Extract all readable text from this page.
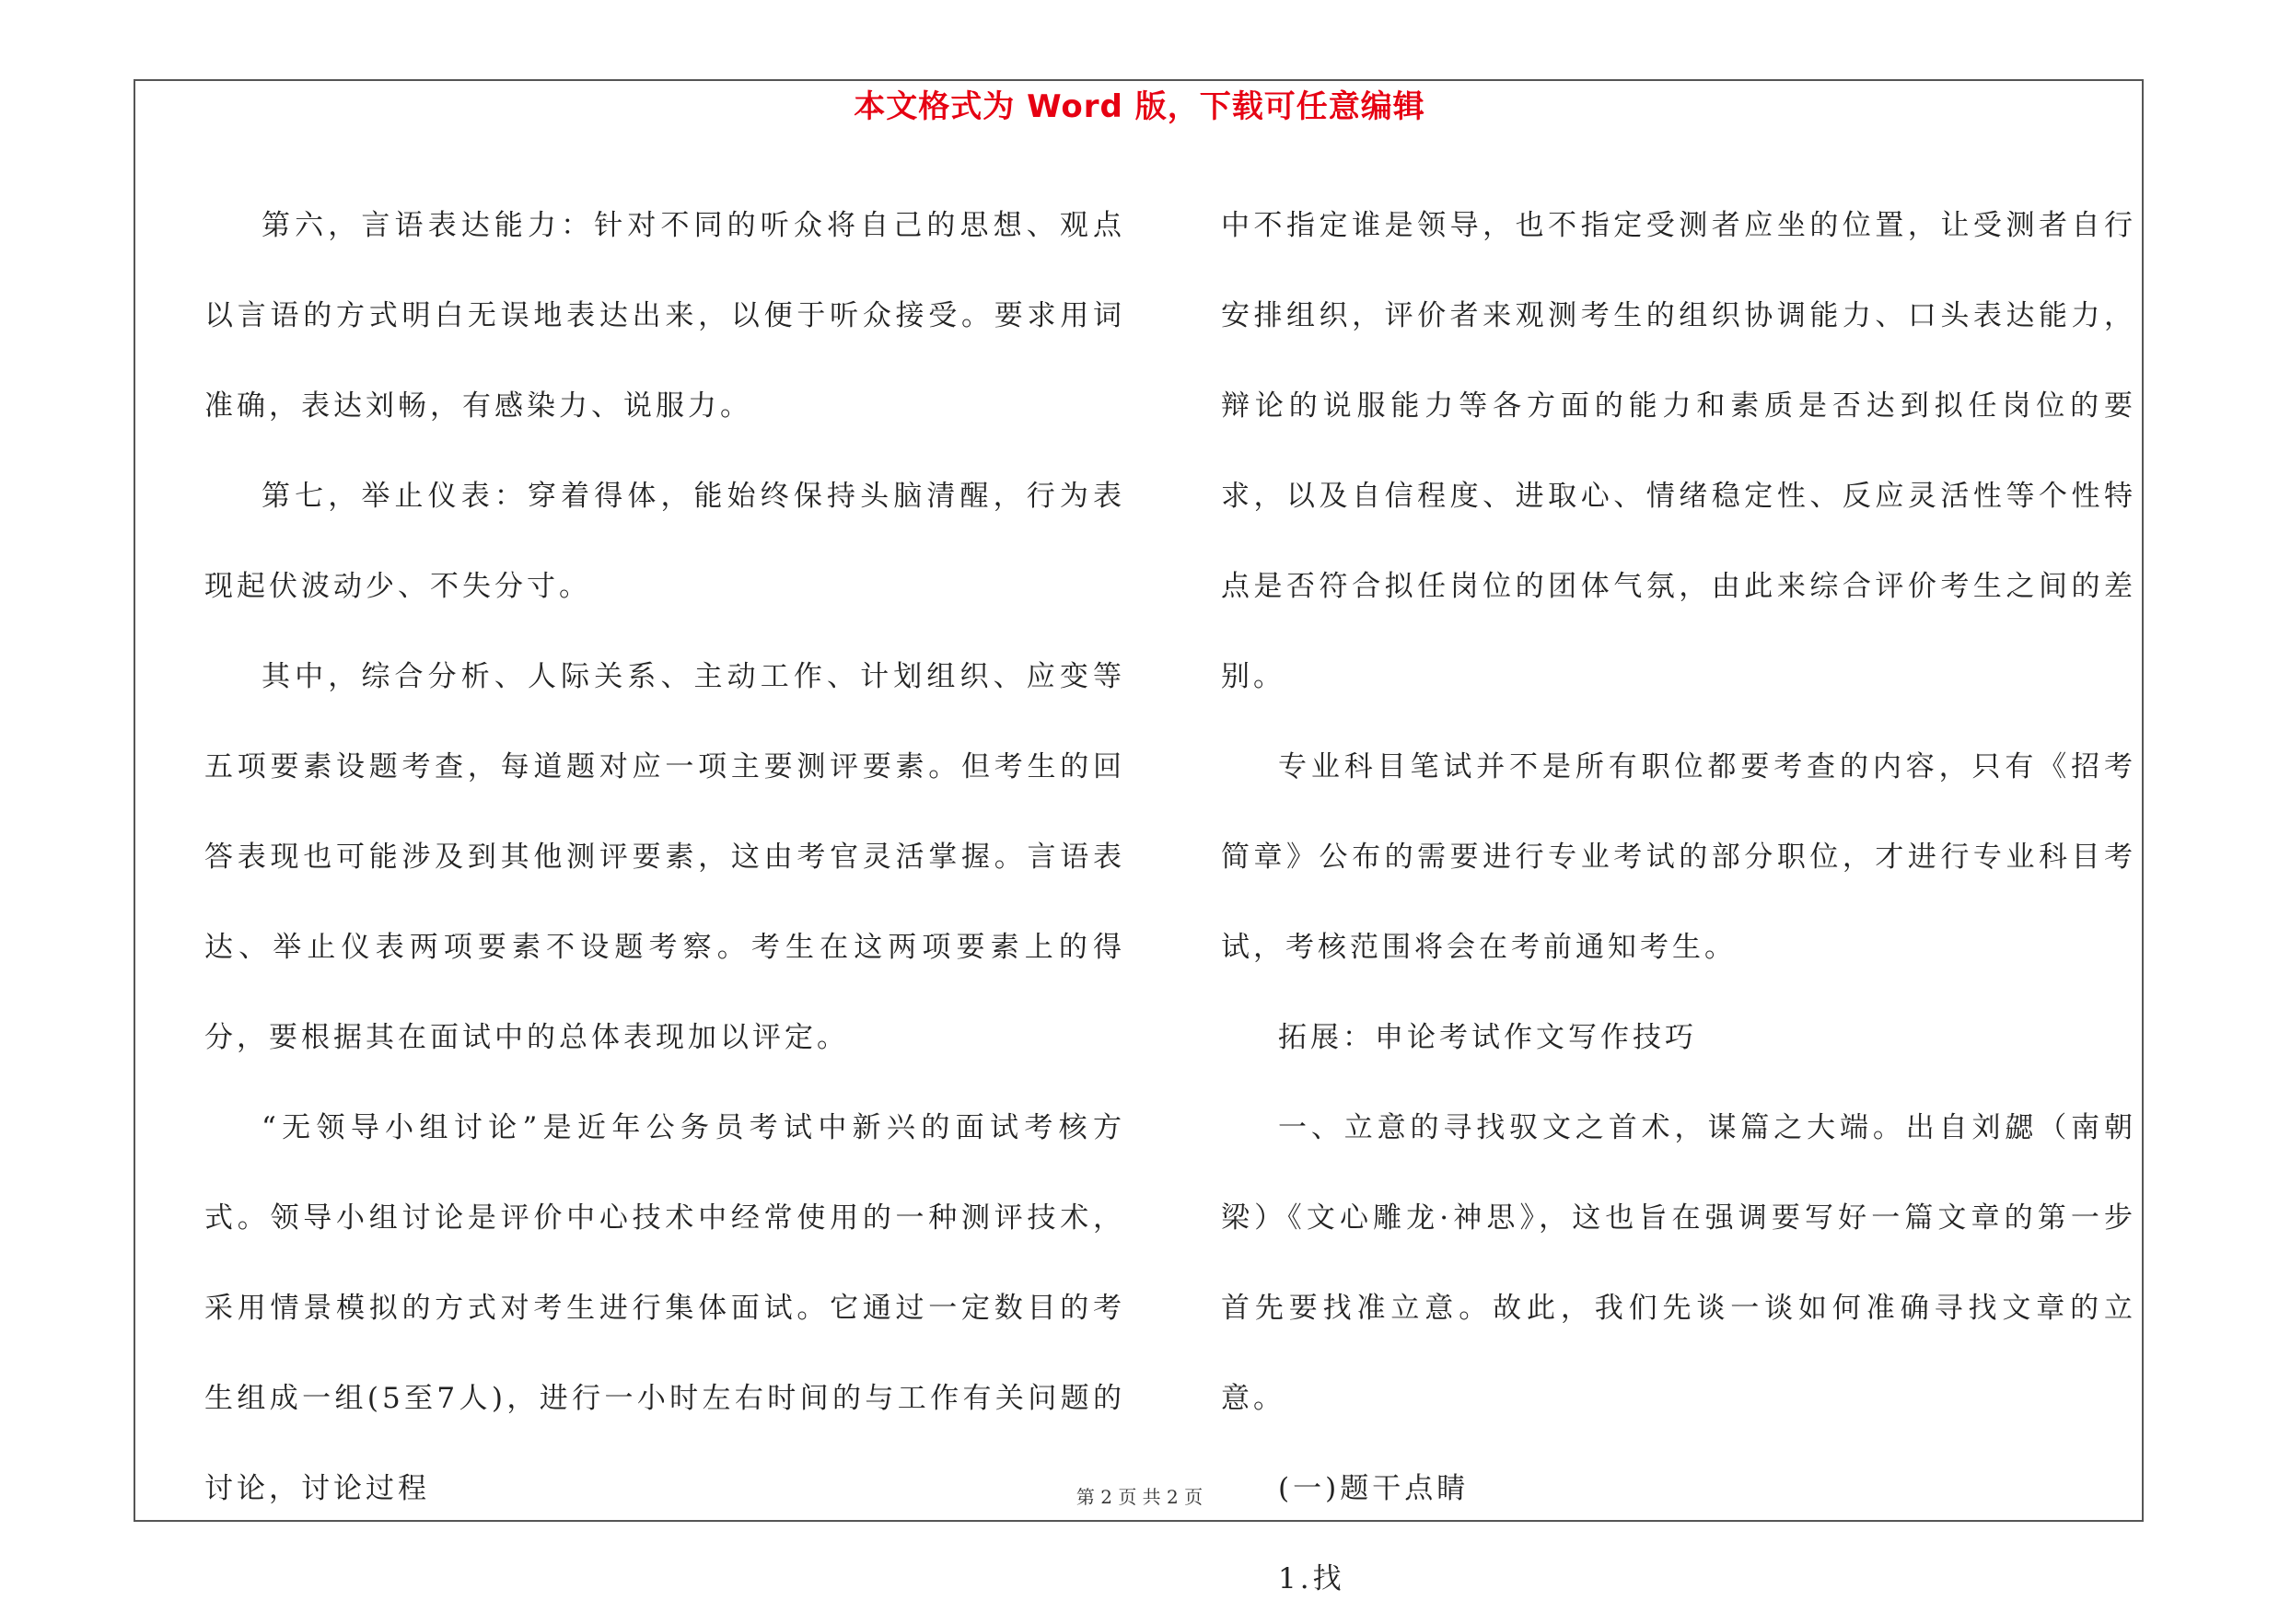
本文格式为 Word 版，下载可任意编辑

第六，言语表达能力：针对不同的听众将自己的思想、观点以言语的方式明白无误地表达出来，以便于听众接受。要求用词准确，表达刘畅，有感染力、说服力。

第七，举止仪表：穿着得体，能始终保持头脑清醒，行为表现起伏波动少、不失分寸。

其中，综合分析、人际关系、主动工作、计划组织、应变等五项要素设题考查，每道题对应一项主要测评要素。但考生的回答表现也可能涉及到其他测评要素，这由考官灵活掌握。言语表达、举止仪表两项要素不设题考察。考生在这两项要素上的得分，要根据其在面试中的总体表现加以评定。

“无领导小组讨论”是近年公务员考试中新兴的面试考核方式。领导小组讨论是评价中心技术中经常使用的一种测评技术，采用情景模拟的方式对考生进行集体面试。它通过一定数目的考生组成一组(5至7人)，进行一小时左右时间的与工作有关问题的讨论，讨论过程

中不指定谁是领导，也不指定受测者应坐的位置，让受测者自行安排组织，评价者来观测考生的组织协调能力、口头表达能力，辩论的说服能力等各方面的能力和素质是否达到拟任岗位的要求，以及自信程度、进取心、情绪稳定性、反应灵活性等个性特点是否符合拟任岗位的团体气氛，由此来综合评价考生之间的差别。

专业科目笔试并不是所有职位都要考查的内容，只有《招考简章》公布的需要进行专业考试的部分职位，才进行专业科目考试，考核范围将会在考前通知考生。

拓展：申论考试作文写作技巧

一、立意的寻找驭文之首术，谋篇之大端。出自刘勰（南朝 梁）《文心雕龙·神思》，这也旨在强调要写好一篇文章的第一步首先要找准立意。故此，我们先谈一谈如何准确寻找文章的立意。

(一)题干点睛

1.找

第 2 页 共 2 页
